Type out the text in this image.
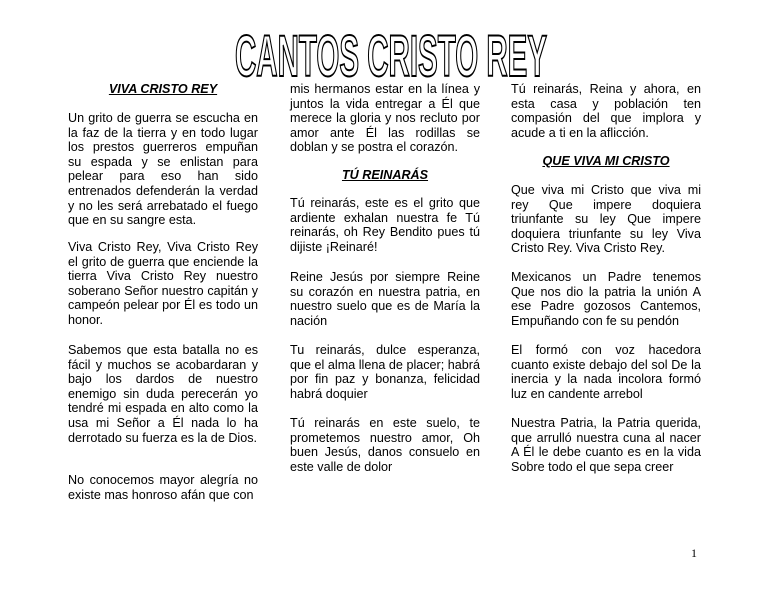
CANTOS CRISTO REY
VIVA CRISTO REY

Un grito de guerra se escucha en la faz de la tierra y en todo lugar los prestos guerreros empuñan su espada y se enlistan para pelear para eso han sido entrenados defenderán la verdad y no les será arrebatado el fuego que en su sangre esta.

Viva Cristo Rey, Viva Cristo Rey el grito de guerra que enciende la tierra Viva Cristo Rey nuestro soberano Señor nuestro capitán y campeón pelear por Él es todo un honor.

Sabemos que esta batalla no es fácil y muchos se acobardaran y bajo los dardos de nuestro enemigo sin duda perecerán yo tendré mi espada en alto como la usa mi Señor a Él nada lo ha derrotado su fuerza es la de Dios.

No conocemos mayor alegría no existe mas honroso afán que con

mis hermanos estar en la línea y juntos la vida entregar a Él que merece la gloria y nos recluto por amor ante Él las rodillas se doblan y se postra el corazón.

TÚ REINARÁS

Tú reinarás, este es el grito que ardiente exhalan nuestra fe Tú reinarás, oh Rey Bendito pues tú dijiste ¡Reinaré!

Reine Jesús por siempre Reine su corazón en nuestra patria, en nuestro suelo que es de María la nación

Tu reinarás, dulce esperanza, que el alma llena de placer; habrá por fin paz y bonanza, felicidad habrá doquier

Tú reinarás en este suelo, te prometemos nuestro amor, Oh buen Jesús, danos consuelo en este valle de dolor

Tú reinarás, Reina y ahora, en esta casa y población ten compasión del que implora y acude a ti en la aflicción.

QUE VIVA MI CRISTO

Que viva mi Cristo que viva mi rey Que impere doquiera triunfante su ley Que impere doquiera triunfante su ley Viva Cristo Rey. Viva Cristo Rey.

Mexicanos un Padre tenemos Que nos dio la patria la unión A ese Padre gozosos Cantemos, Empuñando con fe su pendón

El formó con voz hacedora cuanto existe debajo del sol De la inercia y la nada incolora formó luz en candente arrebol

Nuestra Patria, la Patria querida, que arrulló nuestra cuna al nacer A Él le debe cuanto es en la vida Sobre todo el que sepa creer

1
